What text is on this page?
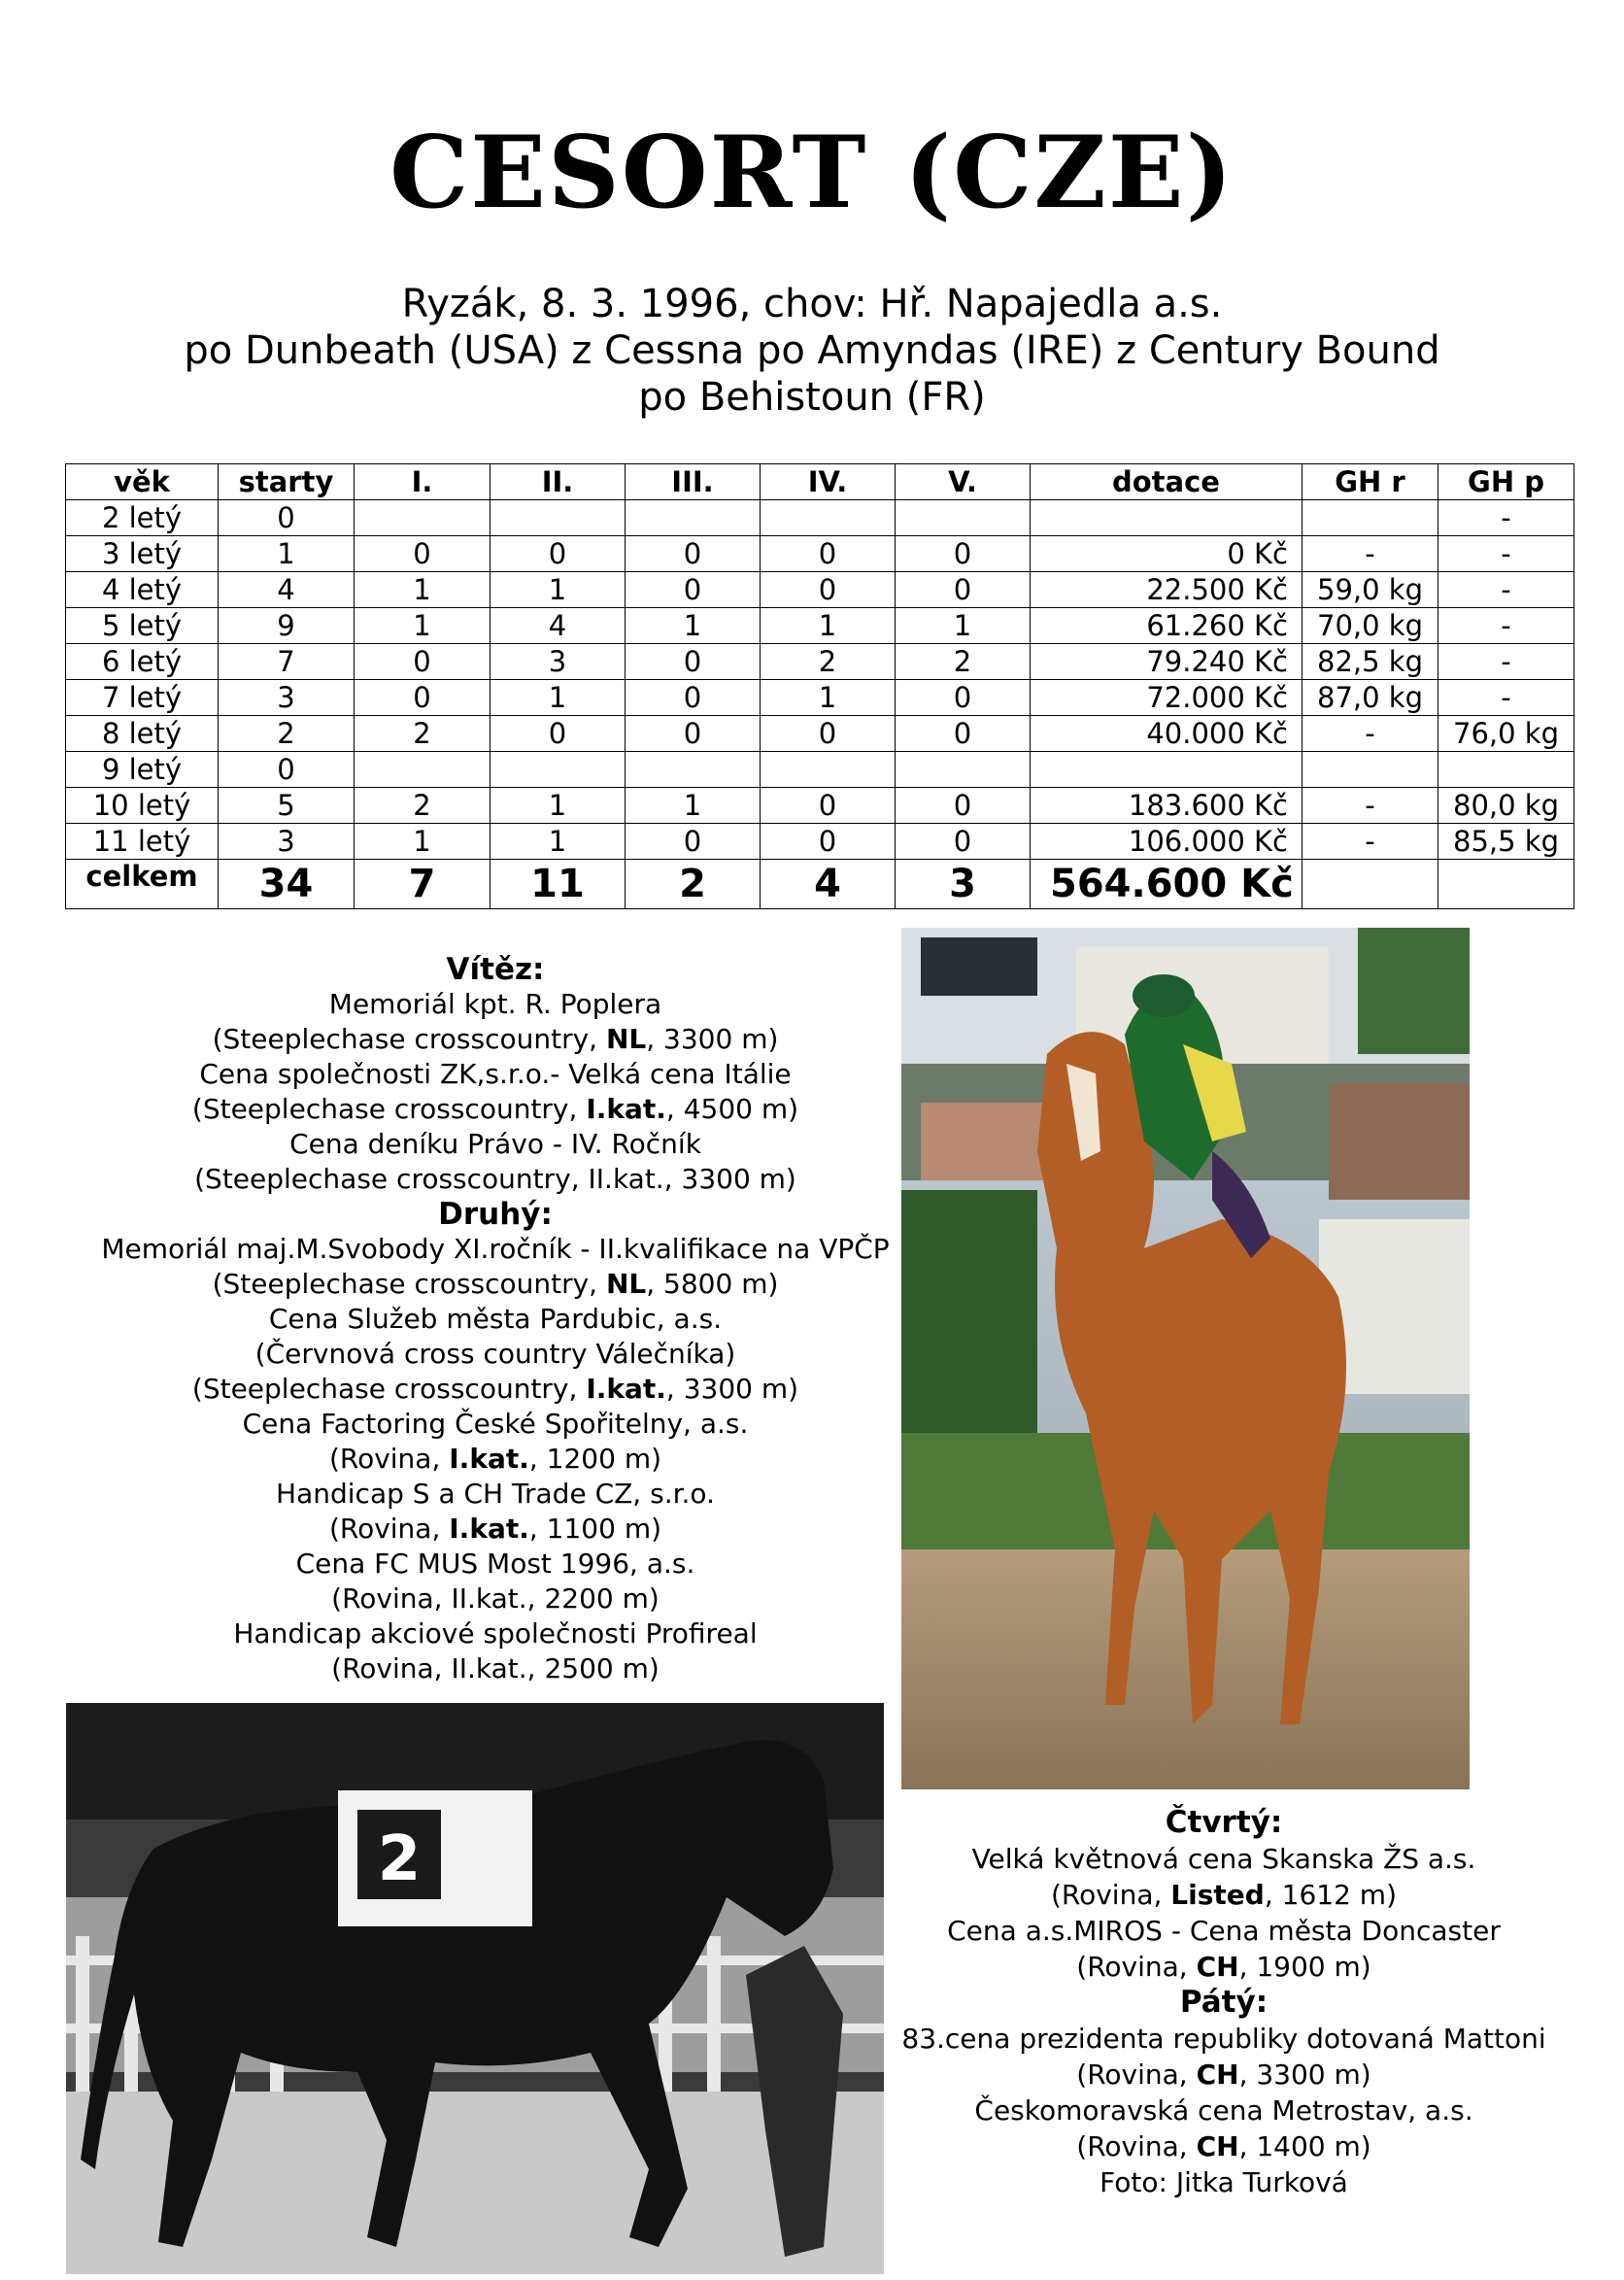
CESORT (CZE)
Ryzák, 8. 3. 1996, chov: Hř. Napajedla a.s.
po Dunbeath (USA) z Cessna po Amyndas (IRE) z Century Bound
po Behistoun (FR)
věk	starty	I.	II.	III.	IV.	V.	dotace	GH r	GH p
2 letý	0								-
3 letý	1	0	0	0	0	0	0 Kč	-	-
4 letý	4	1	1	0	0	0	22.500 Kč	59,0 kg	-
5 letý	9	1	4	1	1	1	61.260 Kč	70,0 kg	-
6 letý	7	0	3	0	2	2	79.240 Kč	82,5 kg	-
7 letý	3	0	1	0	1	0	72.000 Kč	87,0 kg	-
8 letý	2	2	0	0	0	0	40.000 Kč	-	76,0 kg
9 letý	0								
10 letý	5	2	1	1	0	0	183.600 Kč	-	80,0 kg
11 letý	3	1	1	0	0	0	106.000 Kč	-	85,5 kg
celkem	34	7	11	2	4	3	564.600 Kč		
Vítěz:
Memoriál kpt. R. Poplera
(Steeplechase crosscountry, NL, 3300 m)
Cena společnosti ZK,s.r.o.- Velká cena Itálie
(Steeplechase crosscountry, I.kat., 4500 m)
Cena deníku Právo - IV. Ročník
(Steeplechase crosscountry, II.kat., 3300 m)
Druhý:
Memoriál maj.M.Svobody XI.ročník - II.kvalifikace na VPČP
(Steeplechase crosscountry, NL, 5800 m)
Cena Služeb města Pardubic, a.s.
(Červnová cross country Válečníka)
(Steeplechase crosscountry, I.kat., 3300 m)
Cena Factoring České Spořitelny, a.s.
(Rovina, I.kat., 1200 m)
Handicap S a CH Trade CZ, s.r.o.
(Rovina, I.kat., 1100 m)
Cena FC MUS Most 1996, a.s.
(Rovina, II.kat., 2200 m)
Handicap akciové společnosti Profireal
(Rovina, II.kat., 2500 m)
2
Čtvrtý:
Velká květnová cena Skanska ŽS a.s.
(Rovina, Listed, 1612 m)
Cena a.s.MIROS - Cena města Doncaster
(Rovina, CH, 1900 m)
Pátý:
83.cena prezidenta republiky dotovaná Mattoni
(Rovina, CH, 3300 m)
Českomoravská cena Metrostav, a.s.
(Rovina, CH, 1400 m)
Foto: Jitka Turková
